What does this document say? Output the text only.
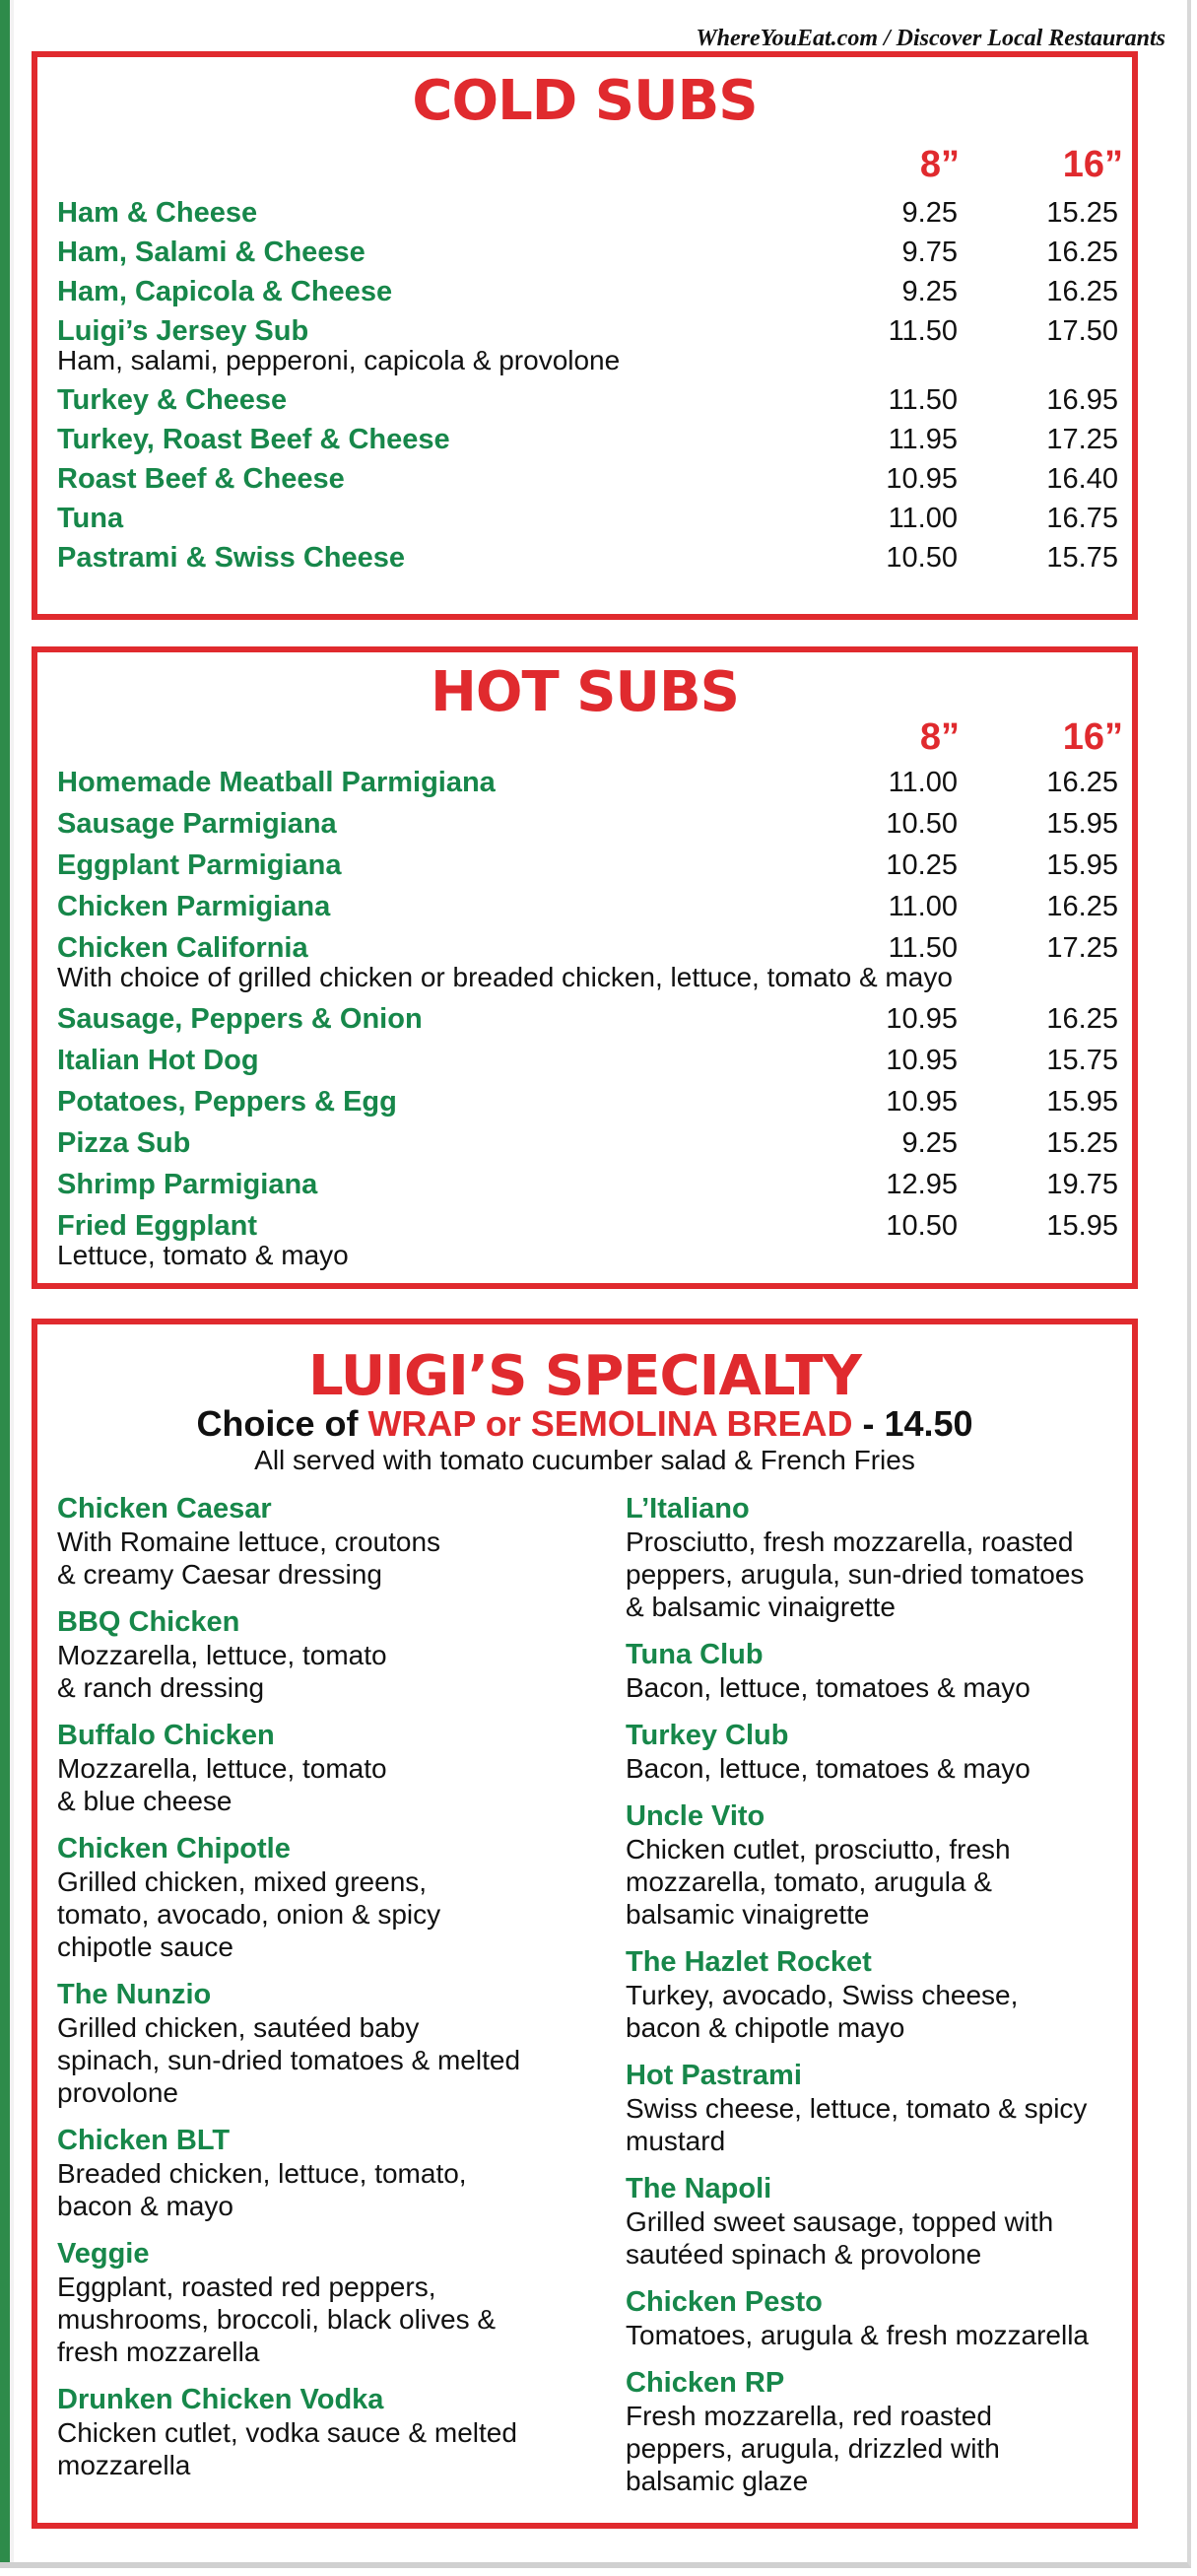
WhereYouEat.com / Discover Local Restaurants
COLD SUBS
8”	16”
Ham & Cheese	9.25	15.25
Ham, Salami & Cheese	9.75	16.25
Ham, Capicola & Cheese	9.25	16.25
Luigi’s Jersey Sub	11.50	17.50
Ham, salami, pepperoni, capicola & provolone
Turkey & Cheese	11.50	16.95
Turkey, Roast Beef & Cheese	11.95	17.25
Roast Beef & Cheese	10.95	16.40
Tuna	11.00	16.75
Pastrami & Swiss Cheese	10.50	15.75
HOT SUBS
8”	16”
Homemade Meatball Parmigiana	11.00	16.25
Sausage Parmigiana	10.50	15.95
Eggplant Parmigiana	10.25	15.95
Chicken Parmigiana	11.00	16.25
Chicken California	11.50	17.25
With choice of grilled chicken or breaded chicken, lettuce, tomato & mayo
Sausage, Peppers & Onion	10.95	16.25
Italian Hot Dog	10.95	15.75
Potatoes, Peppers & Egg	10.95	15.95
Pizza Sub	9.25	15.25
Shrimp Parmigiana	12.95	19.75
Fried Eggplant	10.50	15.95
Lettuce, tomato & mayo
LUIGI’S SPECIALTY
Choice of WRAP or SEMOLINA BREAD - 14.50
All served with tomato cucumber salad & French Fries
Chicken Caesar
With Romaine lettuce, croutons
& creamy Caesar dressing
BBQ Chicken
Mozzarella, lettuce, tomato
& ranch dressing
Buffalo Chicken
Mozzarella, lettuce, tomato
& blue cheese
Chicken Chipotle
Grilled chicken, mixed greens,
tomato, avocado, onion & spicy
chipotle sauce
The Nunzio
Grilled chicken, sautéed baby
spinach, sun-dried tomatoes & melted
provolone
Chicken BLT
Breaded chicken, lettuce, tomato,
bacon & mayo
Veggie
Eggplant, roasted red peppers,
mushrooms, broccoli, black olives &
fresh mozzarella
Drunken Chicken Vodka
Chicken cutlet, vodka sauce & melted
mozzarella
L’Italiano
Prosciutto, fresh mozzarella, roasted
peppers, arugula, sun-dried tomatoes
& balsamic vinaigrette
Tuna Club
Bacon, lettuce, tomatoes & mayo
Turkey Club
Bacon, lettuce, tomatoes & mayo
Uncle Vito
Chicken cutlet, prosciutto, fresh
mozzarella, tomato, arugula &
balsamic vinaigrette
The Hazlet Rocket
Turkey, avocado, Swiss cheese,
bacon & chipotle mayo
Hot Pastrami
Swiss cheese, lettuce, tomato & spicy
mustard
The Napoli
Grilled sweet sausage, topped with
sautéed spinach & provolone
Chicken Pesto
Tomatoes, arugula & fresh mozzarella
Chicken RP
Fresh mozzarella, red roasted
peppers, arugula, drizzled with
balsamic glaze
